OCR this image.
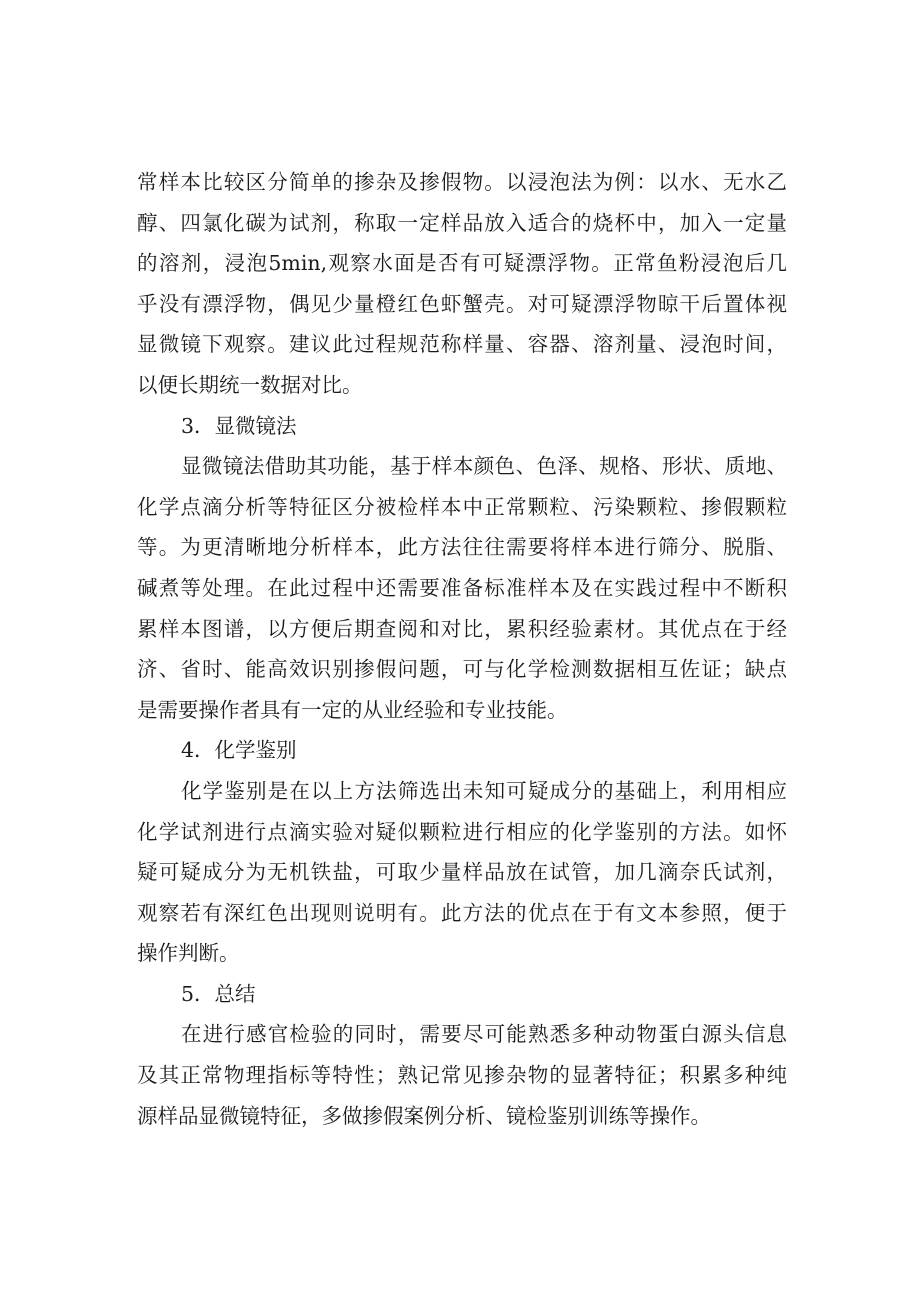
常样本比较区分简单的掺杂及掺假物。以浸泡法为例：以水、无水乙
醇、四氯化碳为试剂，称取一定样品放入适合的烧杯中，加入一定量
的溶剂，浸泡5min,观察水面是否有可疑漂浮物。正常鱼粉浸泡后几
乎没有漂浮物，偶见少量橙红色虾蟹壳。对可疑漂浮物晾干后置体视
显微镜下观察。建议此过程规范称样量、容器、溶剂量、浸泡时间，
以便长期统一数据对比。
3．显微镜法
显微镜法借助其功能，基于样本颜色、色泽、规格、形状、质地、
化学点滴分析等特征区分被检样本中正常颗粒、污染颗粒、掺假颗粒
等。为更清晰地分析样本，此方法往往需要将样本进行筛分、脱脂、
碱煮等处理。在此过程中还需要准备标准样本及在实践过程中不断积
累样本图谱，以方便后期查阅和对比，累积经验素材。其优点在于经
济、省时、能高效识别掺假问题，可与化学检测数据相互佐证；缺点
是需要操作者具有一定的从业经验和专业技能。
4．化学鉴别
化学鉴别是在以上方法筛选出未知可疑成分的基础上，利用相应
化学试剂进行点滴实验对疑似颗粒进行相应的化学鉴别的方法。如怀
疑可疑成分为无机铁盐，可取少量样品放在试管，加几滴奈氏试剂，
观察若有深红色出现则说明有。此方法的优点在于有文本参照，便于
操作判断。
5．总结
在进行感官检验的同时，需要尽可能熟悉多种动物蛋白源头信息
及其正常物理指标等特性；熟记常见掺杂物的显著特征；积累多种纯
源样品显微镜特征，多做掺假案例分析、镜检鉴别训练等操作。
